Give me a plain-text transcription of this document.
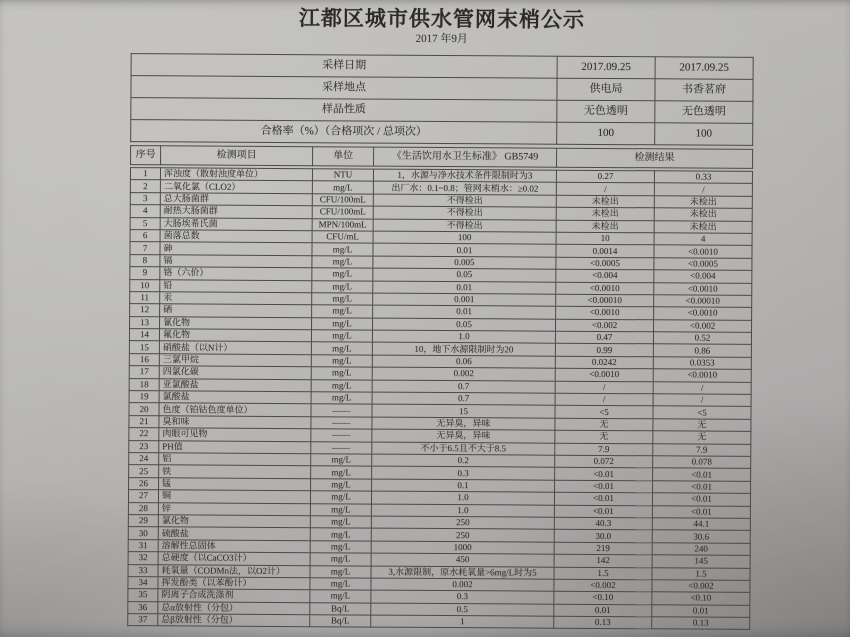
江都区城市供水管网末梢公示
2017 年9月
采样日期	2017.09.25	2017.09.25
采样地点	供电局	书香茗府
样品性质	无色透明	无色透明
合格率（%）（合格项次 / 总项次）	100	100
序号	检测项目	单位	《生活饮用水卫生标准》 GB5749	检测结果
1	浑浊度（散射浊度单位）	NTU	1，水源与净水技术条件限制时为3	0.27	0.33
2	二氧化氯（CLO2）	mg/L	出厂水：0.1~0.8；管网末梢水：≥0.02	/	/
3	总大肠菌群	CFU/100mL	不得检出	未检出	未检出
4	耐热大肠菌群	CFU/100mL	不得检出	未检出	未检出
5	大肠埃希氏菌	MPN/100mL	不得检出	未检出	未检出
6	菌落总数	CFU/mL	100	10	4
7	砷	mg/L	0.01	0.0014	<0.0010
8	镉	mg/L	0.005	<0.0005	<0.0005
9	铬（六价）	mg/L	0.05	<0.004	<0.004
10	铅	mg/L	0.01	<0.0010	<0.0010
11	汞	mg/L	0.001	<0.00010	<0.00010
12	硒	mg/L	0.01	<0.0010	<0.0010
13	氰化物	mg/L	0.05	<0.002	<0.002
14	氟化物	mg/L	1.0	0.47	0.52
15	硝酸盐（以N计）	mg/L	10，地下水源限制时为20	0.99	0.86
16	三氯甲烷	mg/L	0.06	0.0242	0.0353
17	四氯化碳	mg/L	0.002	<0.0010	<0.0010
18	亚氯酸盐	mg/L	0.7	/	/
19	氯酸盐	mg/L	0.7	/	/
20	色度（铂钴色度单位）	——	15	<5	<5
21	臭和味	——	无异臭，异味	无	无
22	肉眼可见物	——	无异臭，异味	无	无
23	PH值	——	不小于6.5且不大于8.5	7.9	7.9
24	铝	mg/L	0.2	0.072	0.078
25	铁	mg/L	0.3	<0.01	<0.01
26	锰	mg/L	0.1	<0.01	<0.01
27	铜	mg/L	1.0	<0.01	<0.01
28	锌	mg/L	1.0	<0.01	<0.01
29	氯化物	mg/L	250	40.3	44.1
30	硫酸盐	mg/L	250	30.0	30.6
31	溶解性总固体	mg/L	1000	219	240
32	总硬度（以CaCO3计）	mg/L	450	142	145
33	耗氧量（CODMn法，以O2计）	mg/L	3,水源限制，原水耗氧量>6mg/L时为5	1.5	1.5
34	挥发酚类（以苯酚计）	mg/L	0.002	<0.002	<0.002
35	阴离子合成洗涤剂	mg/L	0.3	<0.10	<0.10
36	总α放射性（分包）	Bq/L	0.5	0.01	0.01
37	总β放射性（分包）	Bq/L	1	0.13	0.13
